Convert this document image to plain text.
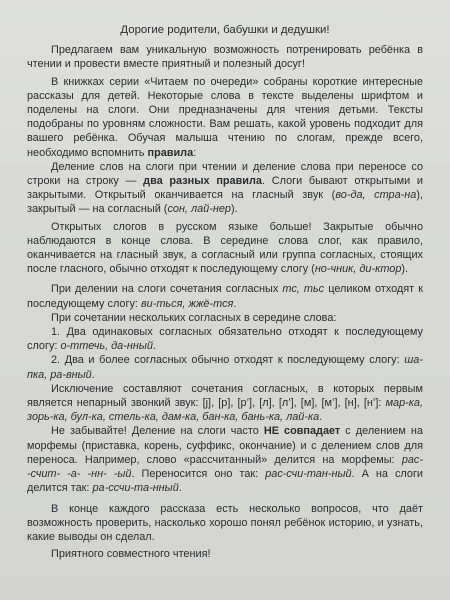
Дорогие родители, бабушки и дедушки!

Предлагаем вам уникальную возможность потренировать ребёнка в чтении и провести вместе приятный и полезный досуг!

В книжках серии «Читаем по очереди» собраны короткие интересные рассказы для детей. Некоторые слова в тексте выделены шрифтом и поделены на слоги. Они предназначены для чтения детьми. Тексты подобраны по уровням сложности. Вам решать, какой уровень подходит для вашего ребёнка. Обучая малыша чтению по слогам, прежде всего, необходимо вспомнить правила:

Деление слов на слоги при чтении и деление слова при переносе со строки на строку — два разных правила. Слоги бывают открытыми и закрытыми. Открытый оканчивается на гласный звук (во-да, стра-на), закрытый — на согласный (сон, лай-нер).

Открытых слогов в русском языке больше! Закрытые обычно наблюдаются в конце слова. В середине слова слог, как правило, оканчивается на гласный звук, а согласный или группа согласных, стоящих после гласного, обычно отходят к последующему слогу (но-чник, ди-ктор).

При делении на слоги сочетания согласных тс, тьс целиком отходят к последующему слогу: ви-ться, жжё-тся.

При сочетании нескольких согласных в середине слова:

1. Два одинаковых согласных обязательно отходят к последующему слогу: о-ттечь, да-нный.

2. Два и более согласных обычно отходят к последующему слогу: ша-пка, ра-вный.

Исключение составляют сочетания согласных, в которых первым является непарный звонкий звук: [j], [р], [р’], [л], [л’], [м], [м’], [н], [н’]: мар-ка, зорь-ка, бул-ка, стель-ка, дам-ка, бан-ка, бань-ка, лай-ка.

Не забывайте! Деление на слоги часто НЕ совпадает с делением на морфемы (приставка, корень, суффикс, окончание) и с делением слов для переноса. Например, слово «рассчитанный» делится на морфемы: рас- -счит- -а- -нн- -ый. Переносится оно так: рас-счи-тан-ный. А на слоги делится так: ра-ссчи-та-нный.

В конце каждого рассказа есть несколько вопросов, что даёт возможность проверить, насколько хорошо понял ребёнок историю, и узнать, какие выводы он сделал.

Приятного совместного чтения!
